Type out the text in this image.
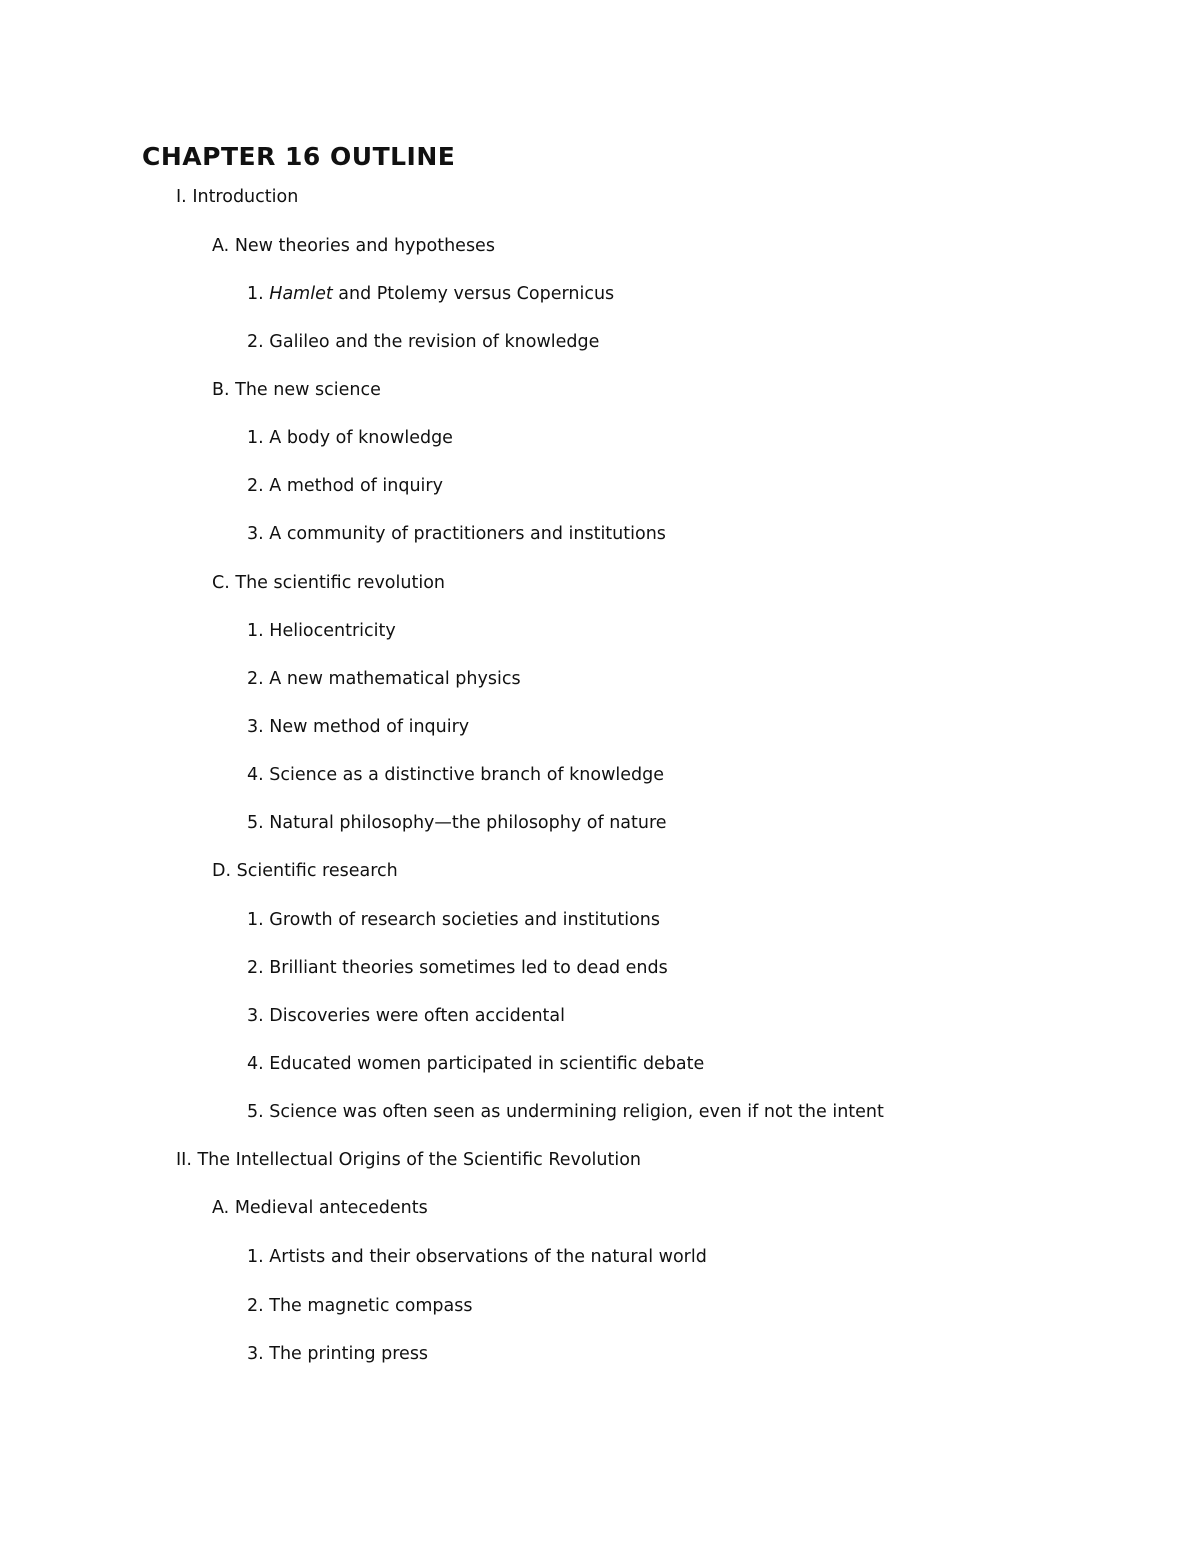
CHAPTER 16 OUTLINE

I. Introduction

A. New theories and hypotheses

1. Hamlet and Ptolemy versus Copernicus

2. Galileo and the revision of knowledge

B. The new science

1. A body of knowledge

2. A method of inquiry

3. A community of practitioners and institutions

C. The scientific revolution

1. Heliocentricity

2. A new mathematical physics

3. New method of inquiry

4. Science as a distinctive branch of knowledge

5. Natural philosophy—the philosophy of nature

D. Scientific research

1. Growth of research societies and institutions

2. Brilliant theories sometimes led to dead ends

3. Discoveries were often accidental

4. Educated women participated in scientific debate

5. Science was often seen as undermining religion, even if not the intent

II. The Intellectual Origins of the Scientific Revolution

A. Medieval antecedents

1. Artists and their observations of the natural world

2. The magnetic compass

3. The printing press
